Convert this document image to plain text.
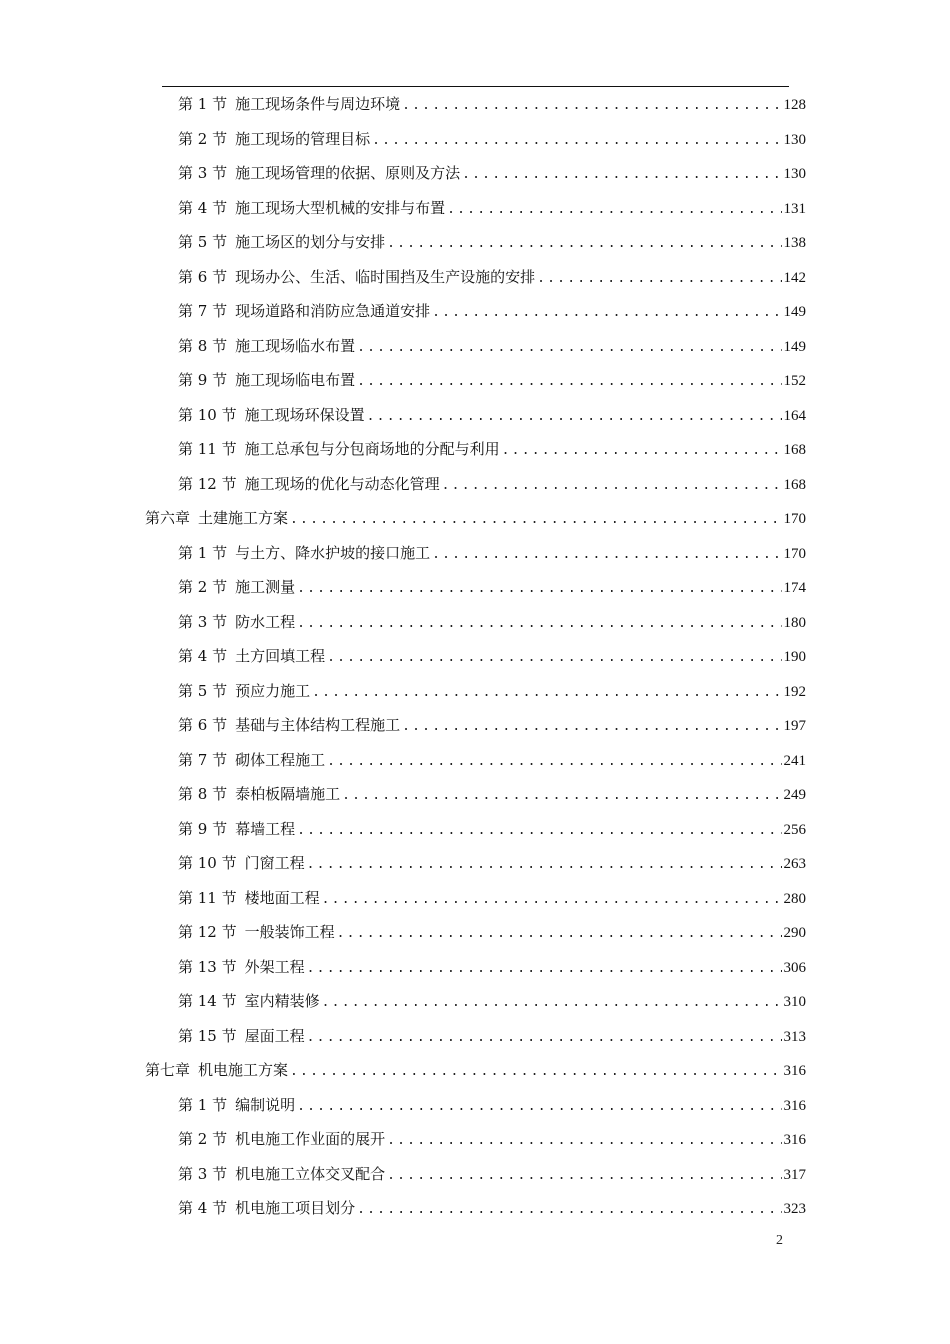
第 1 节 施工现场条件与周边环境 .....	128
第 2 节 施工现场的管理目标 .....	130
第 3 节 施工现场管理的依据、原则及方法 .....	130
第 4 节 施工现场大型机械的安排与布置 .....	131
第 5 节 施工场区的划分与安排 .....	138
第 6 节 现场办公、生活、临时围挡及生产设施的安排 .....	142
第 7 节 现场道路和消防应急通道安排 .....	149
第 8 节 施工现场临水布置 .....	149
第 9 节 施工现场临电布置 .....	152
第 10 节 施工现场环保设置 .....	164
第 11 节 施工总承包与分包商场地的分配与利用 .....	168
第 12 节 施工现场的优化与动态化管理 .....	168
第六章 土建施工方案 .....	170
第 1 节 与土方、降水护坡的接口施工 .....	170
第 2 节 施工测量 .....	174
第 3 节 防水工程 .....	180
第 4 节 土方回填工程 .....	190
第 5 节 预应力施工 .....	192
第 6 节 基础与主体结构工程施工 .....	197
第 7 节 砌体工程施工 .....	241
第 8 节 泰柏板隔墙施工 .....	249
第 9 节 幕墙工程 .....	256
第 10 节 门窗工程 .....	263
第 11 节 楼地面工程 .....	280
第 12 节 一般装饰工程 .....	290
第 13 节 外架工程 .....	306
第 14 节 室内精装修 .....	310
第 15 节 屋面工程 .....	313
第七章 机电施工方案 .....	316
第 1 节 编制说明 .....	316
第 2 节 机电施工作业面的展开 .....	316
第 3 节 机电施工立体交叉配合 .....	317
第 4 节 机电施工项目划分 .....	323
2
